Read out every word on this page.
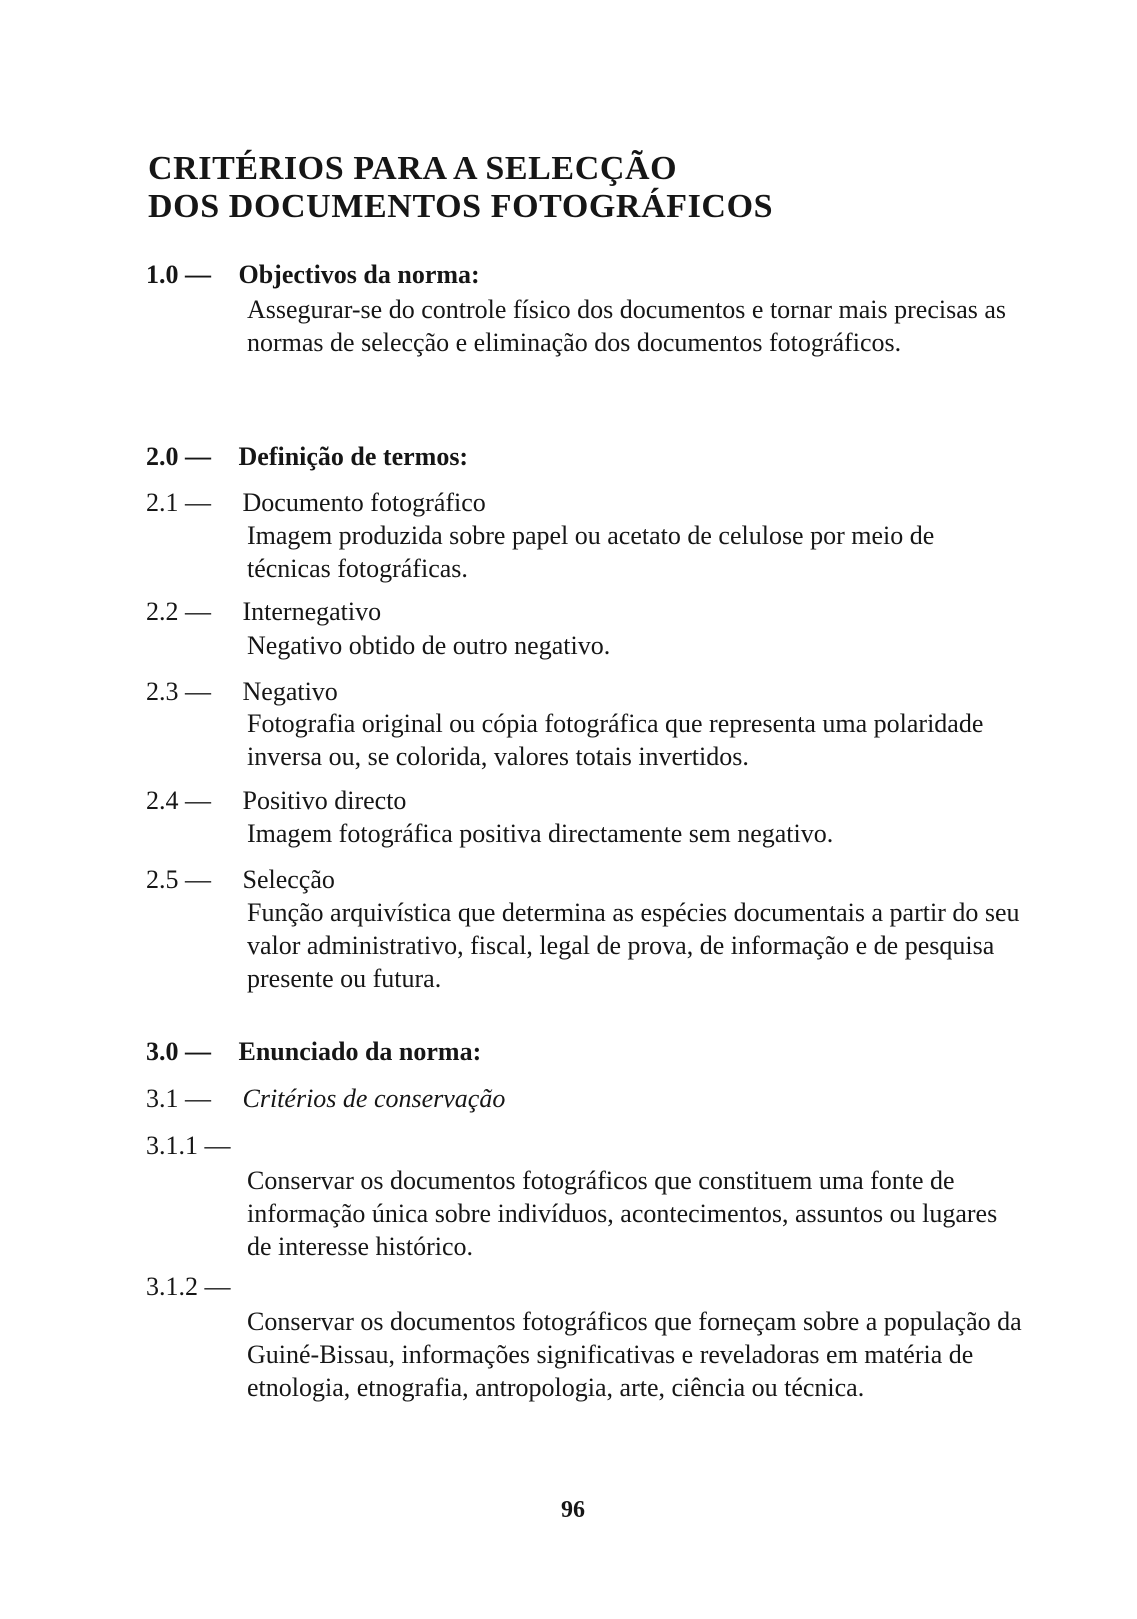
CRITÉRIOS PARA A SELECÇÃO
DOS DOCUMENTOS FOTOGRÁFICOS
1.0 — Objectivos da norma:

Assegurar-se do controle físico dos documentos e tornar mais precisas as normas de selecção e eliminação dos documentos fotográficos.

2.0 — Definição de termos:
2.1 — Documento fotográfico

Imagem produzida sobre papel ou acetato de celulose por meio de técnicas fotográficas.

2.2 — Internegativo

Negativo obtido de outro negativo.

2.3 — Negativo

Fotografia original ou cópia fotográfica que representa uma polaridade inversa ou, se colorida, valores totais invertidos.

2.4 — Positivo directo

Imagem fotográfica positiva directamente sem negativo.

2.5 — Selecção

Função arquivística que determina as espécies documentais a partir do seu valor administrativo, fiscal, legal de prova, de informação e de pesquisa presente ou futura.

3.0 — Enunciado da norma:
3.1 — Critérios de conservação
3.1.1 —

Conservar os documentos fotográficos que constituem uma fonte de informação única sobre indivíduos, acontecimentos, assuntos ou lugares de interesse histórico.

3.1.2 —

Conservar os documentos fotográficos que forneçam sobre a população da Guiné-Bissau, informações significativas e reveladoras em matéria de etnologia, etnografia, antropologia, arte, ciência ou técnica.

96
